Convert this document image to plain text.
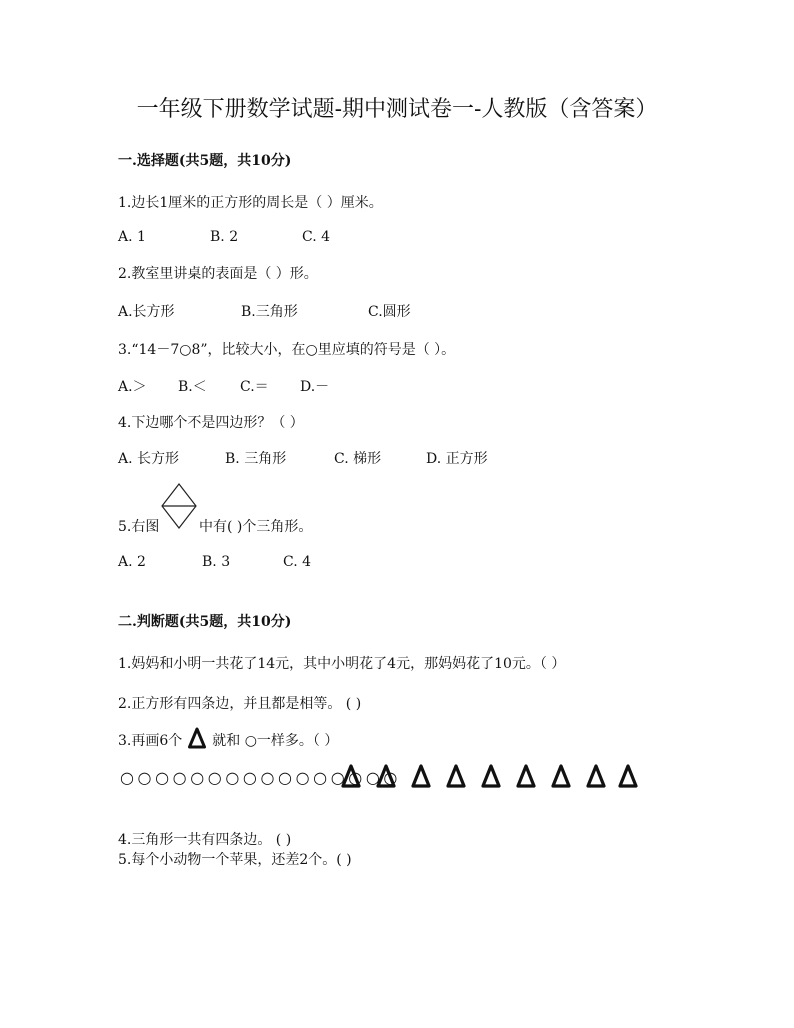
一年级下册数学试题-期中测试卷一-人教版（含答案）
一.选择题(共5题，共10分)
1.边长1厘米的正方形的周长是（ ）厘米。
A. 1	B. 2	C. 4
2.教室里讲桌的表面是（ ）形。
A.长方形	B.三角形	C.圆形
3.“14－7○8”，比较大小，在○里应填的符号是（ ）。
A.＞ B.＜ C.＝ D.－
4.下边哪个不是四边形？（ ）
A. 长方形	B. 三角形	C. 梯形	D. 正方形
5.右图	中有( )个三角形。
A. 2	B. 3	C. 4
二.判断题(共5题，共10分)
1.妈妈和小明一共花了14元，其中小明花了4元，那妈妈花了10元。（ ）
2.正方形有四条边，并且都是相等。 ( )
3.再画6个 就和 ○一样多。（ ）
○○○○○○○○○○○○○○○○
4.三角形一共有四条边。 ( )
5.每个小动物一个苹果，还差2个。( )
